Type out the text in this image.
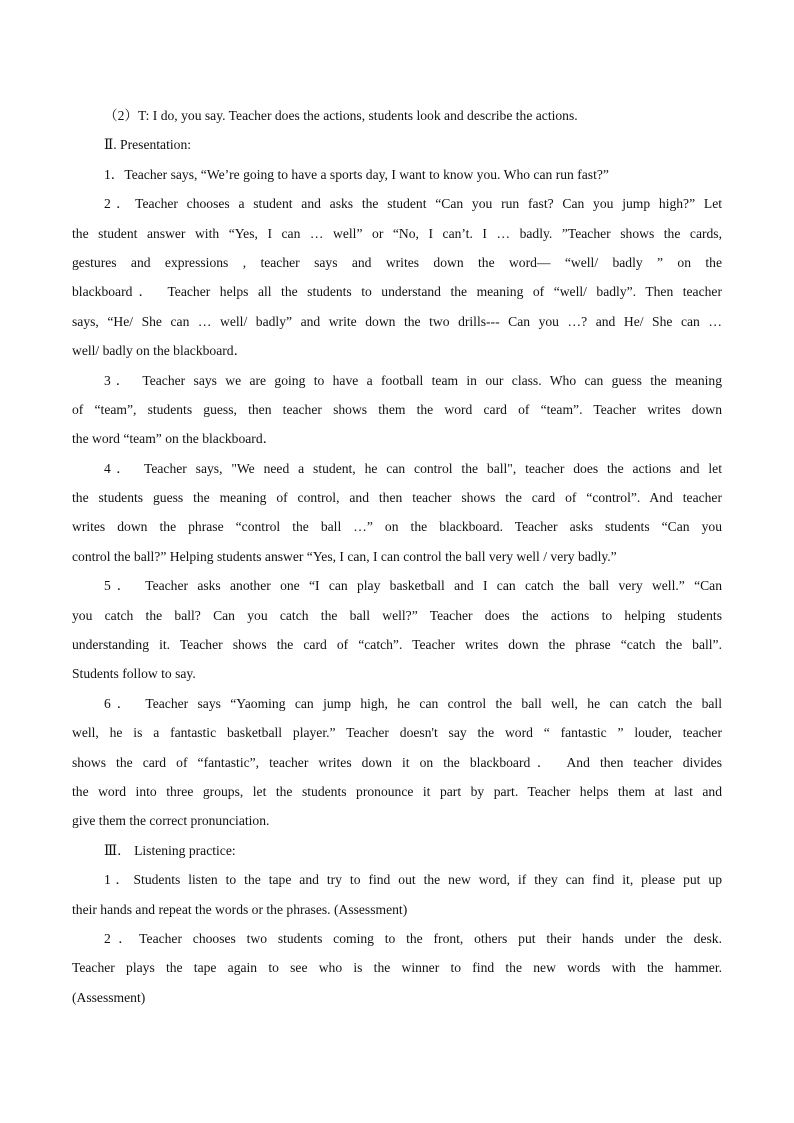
（2）T: I do, you say. Teacher does the actions, students look and describe the actions.

Ⅱ. Presentation:

1．Teacher says, “We’re going to have a sports day, I want to know you. Who can run fast?”

2．Teacher chooses a student and asks the student “Can you run fast? Can you jump high?” Let

the student answer with “Yes, I can … well” or “No, I can’t. I … badly. ”Teacher shows the cards,

gestures and expressions , teacher says and writes down the word— “well/ badly ” on the

blackboard． Teacher helps all the students to understand the meaning of “well/ badly”. Then teacher

says, “He/ She can … well/ badly” and write down the two drills--- Can you …? and He/ She can …

well/ badly on the blackboard．

3． Teacher says we are going to have a football team in our class. Who can guess the meaning

of “team”, students guess, then teacher shows them the word card of “team”. Teacher writes down

the word “team” on the blackboard．

4． Teacher says, "We need a student, he can control the ball", teacher does the actions and let

the students guess the meaning of control, and then teacher shows the card of “control”. And teacher

writes down the phrase “control the ball …” on the blackboard. Teacher asks students “Can you

control the ball?” Helping students answer “Yes, I can, I can control the ball very well / very badly.”

5． Teacher asks another one “I can play basketball and I can catch the ball very well.” “Can

you catch the ball? Can you catch the ball well?” Teacher does the actions to helping students

understanding it. Teacher shows the card of “catch”. Teacher writes down the phrase “catch the ball”.

Students follow to say.

6． Teacher says “Yaoming can jump high, he can control the ball well, he can catch the ball

well, he is a fantastic basketball player.” Teacher doesn't say the word “ fantastic ” louder, teacher

shows the card of “fantastic”, teacher writes down it on the blackboard． And then teacher divides

the word into three groups, let the students pronounce it part by part. Teacher helps them at last and

give them the correct pronunciation.

Ⅲ． Listening practice:

1．Students listen to the tape and try to find out the new word, if they can find it, please put up

their hands and repeat the words or the phrases. (Assessment)

2．Teacher chooses two students coming to the front, others put their hands under the desk.

Teacher plays the tape again to see who is the winner to find the new words with the hammer.

(Assessment)
